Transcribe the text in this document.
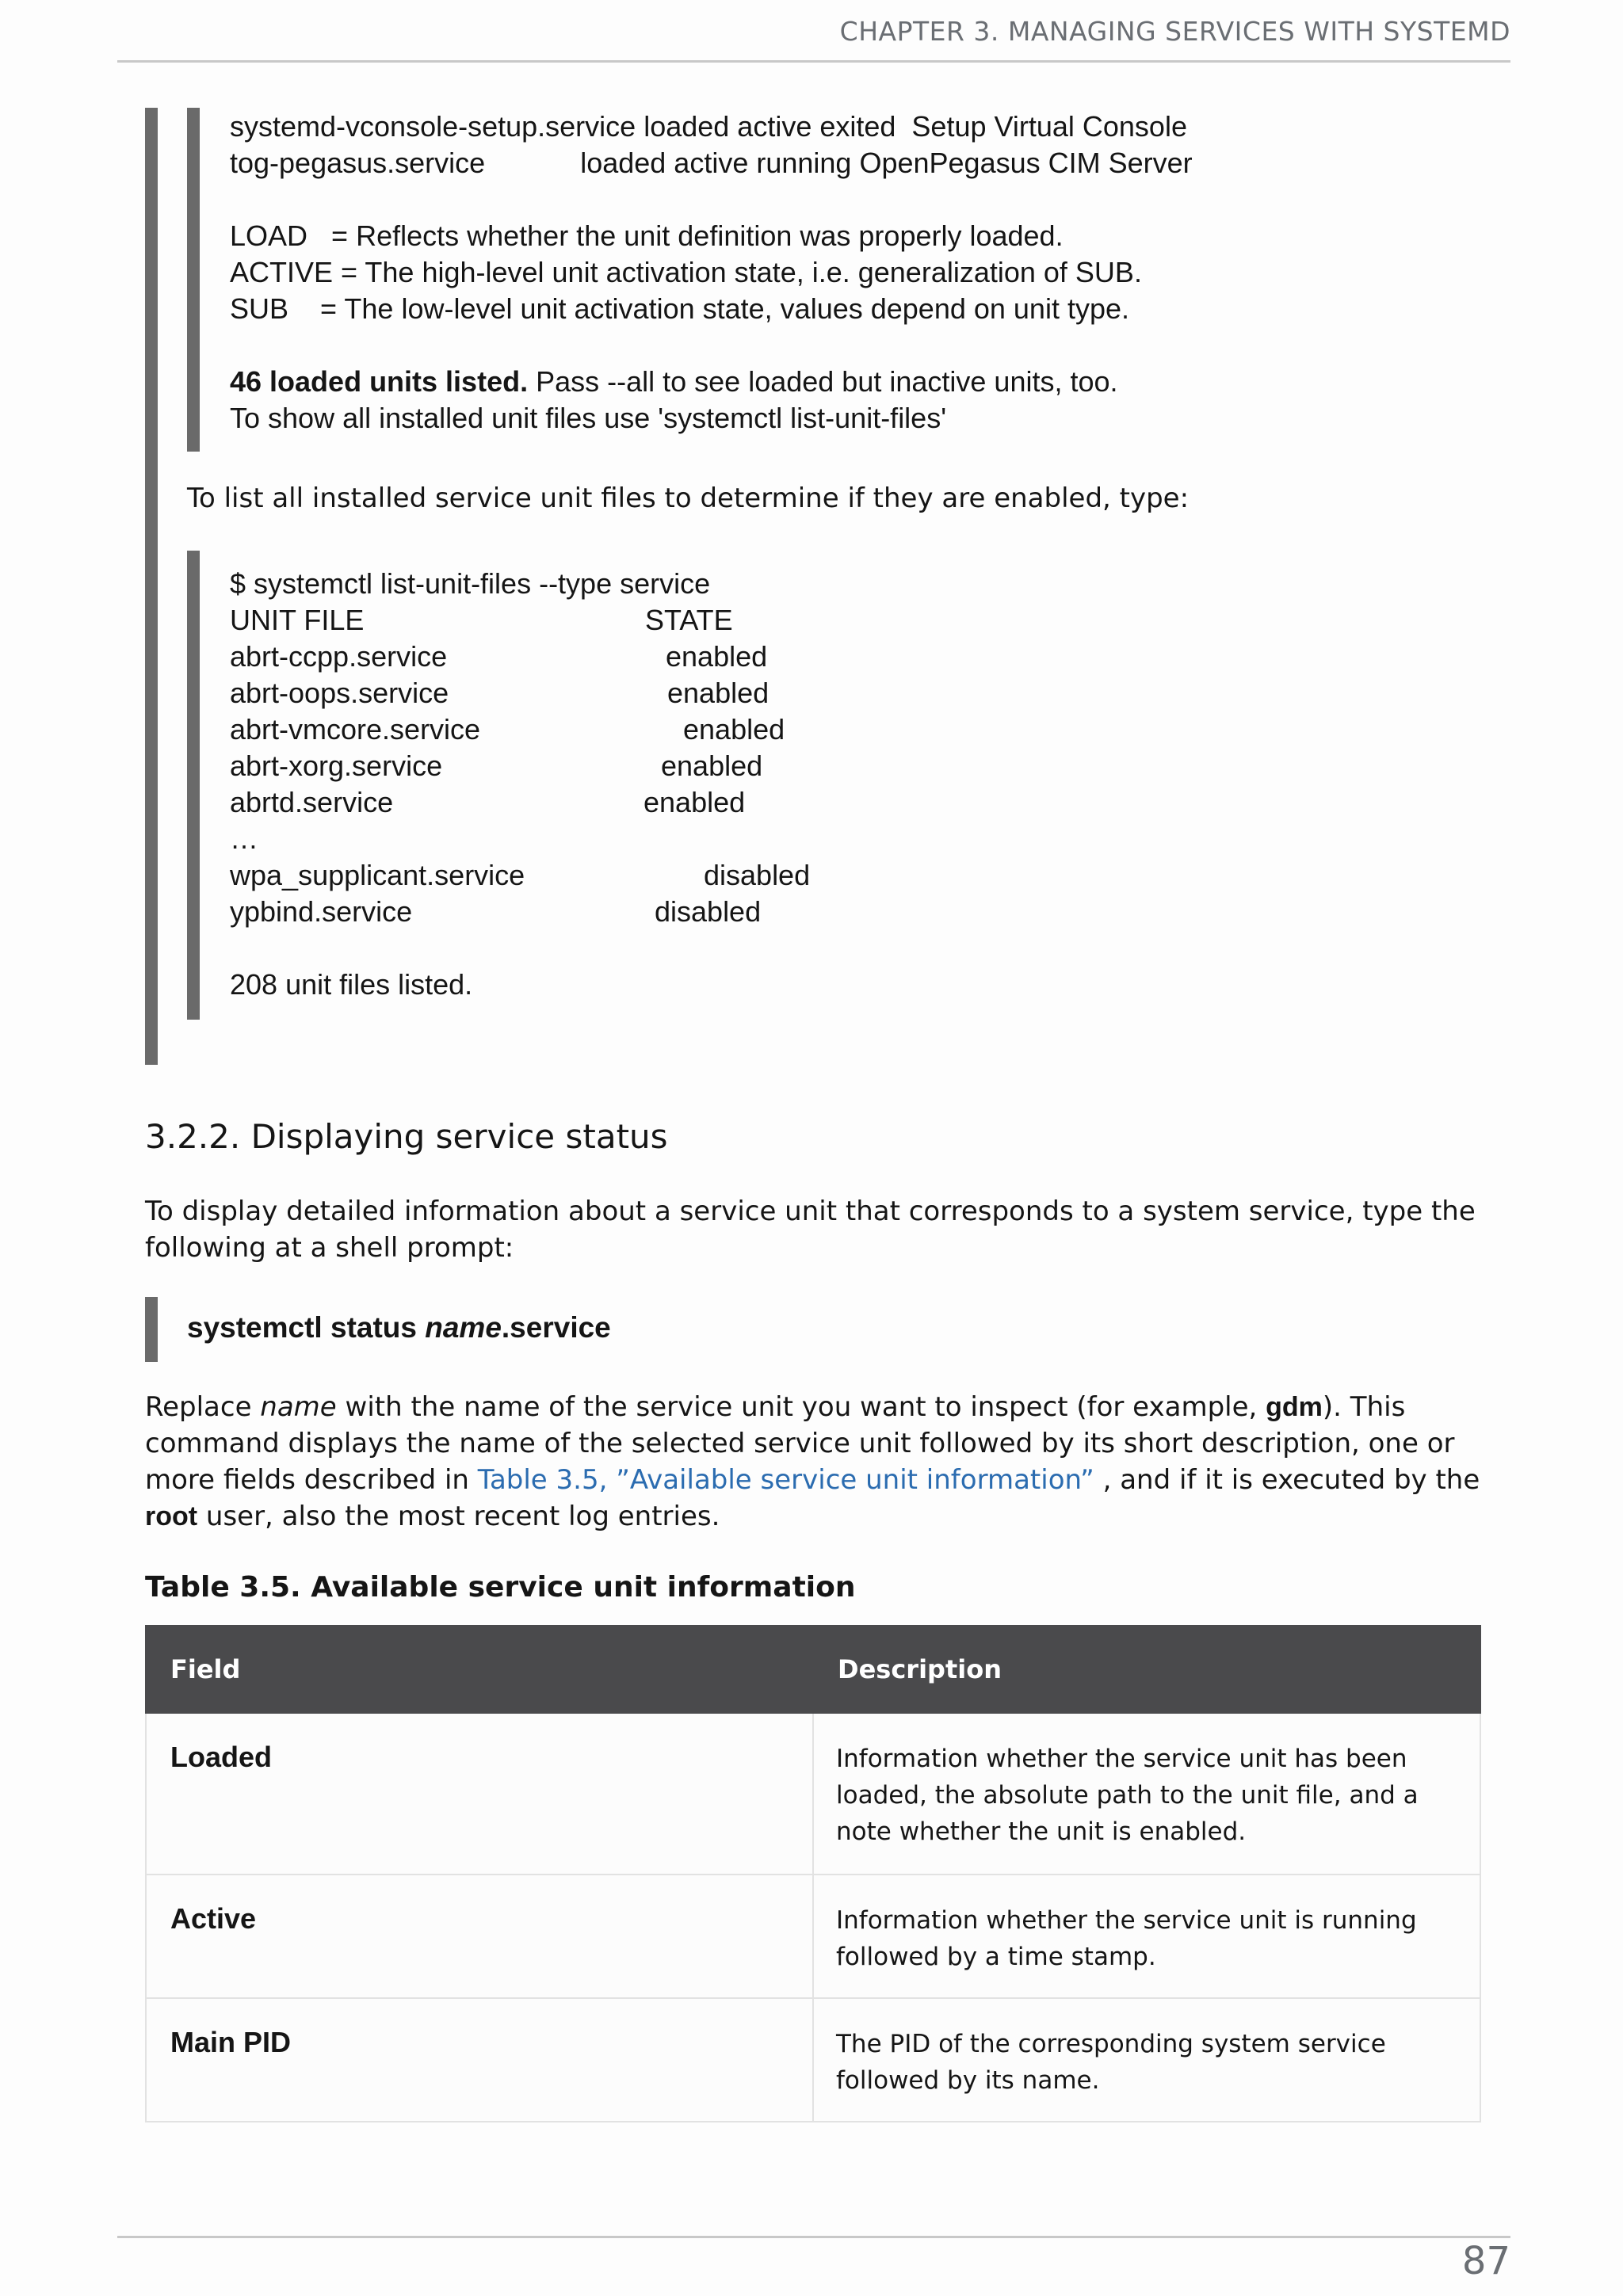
CHAPTER 3. MANAGING SERVICES WITH SYSTEMD
systemd-vconsole-setup.service loaded active exited  Setup Virtual Console
tog-pegasus.service            loaded active running OpenPegasus CIM Server
LOAD   = Reflects whether the unit definition was properly loaded.
ACTIVE = The high-level unit activation state, i.e. generalization of SUB.
SUB    = The low-level unit activation state, values depend on unit type.
46 loaded units listed. Pass --all to see loaded but inactive units, too.
To show all installed unit files use 'systemctl list-unit-files'
To list all installed service unit files to determine if they are enabled, type:
$ systemctl list-unit-files --type service
UNIT FILE	STATE
abrt-ccpp.service	enabled
abrt-oops.service	enabled
abrt-vmcore.service	enabled
abrt-xorg.service	enabled
abrtd.service	enabled
…
wpa_supplicant.service	disabled
ypbind.service	disabled
208 unit files listed.
3.2.2. Displaying service status
To display detailed information about a service unit that corresponds to a system service, type the following at a shell prompt:
systemctl status name.service
Replace name with the name of the service unit you want to inspect (for example, gdm). This command displays the name of the selected service unit followed by its short description, one or more fields described in Table 3.5, ”Available service unit information” , and if it is executed by the root user, also the most recent log entries.
Table 3.5. Available service unit information
Field	Description
Loaded	Information whether the service unit has been loaded, the absolute path to the unit file, and a note whether the unit is enabled.
Active	Information whether the service unit is running followed by a time stamp.
Main PID	The PID of the corresponding system service followed by its name.
87
